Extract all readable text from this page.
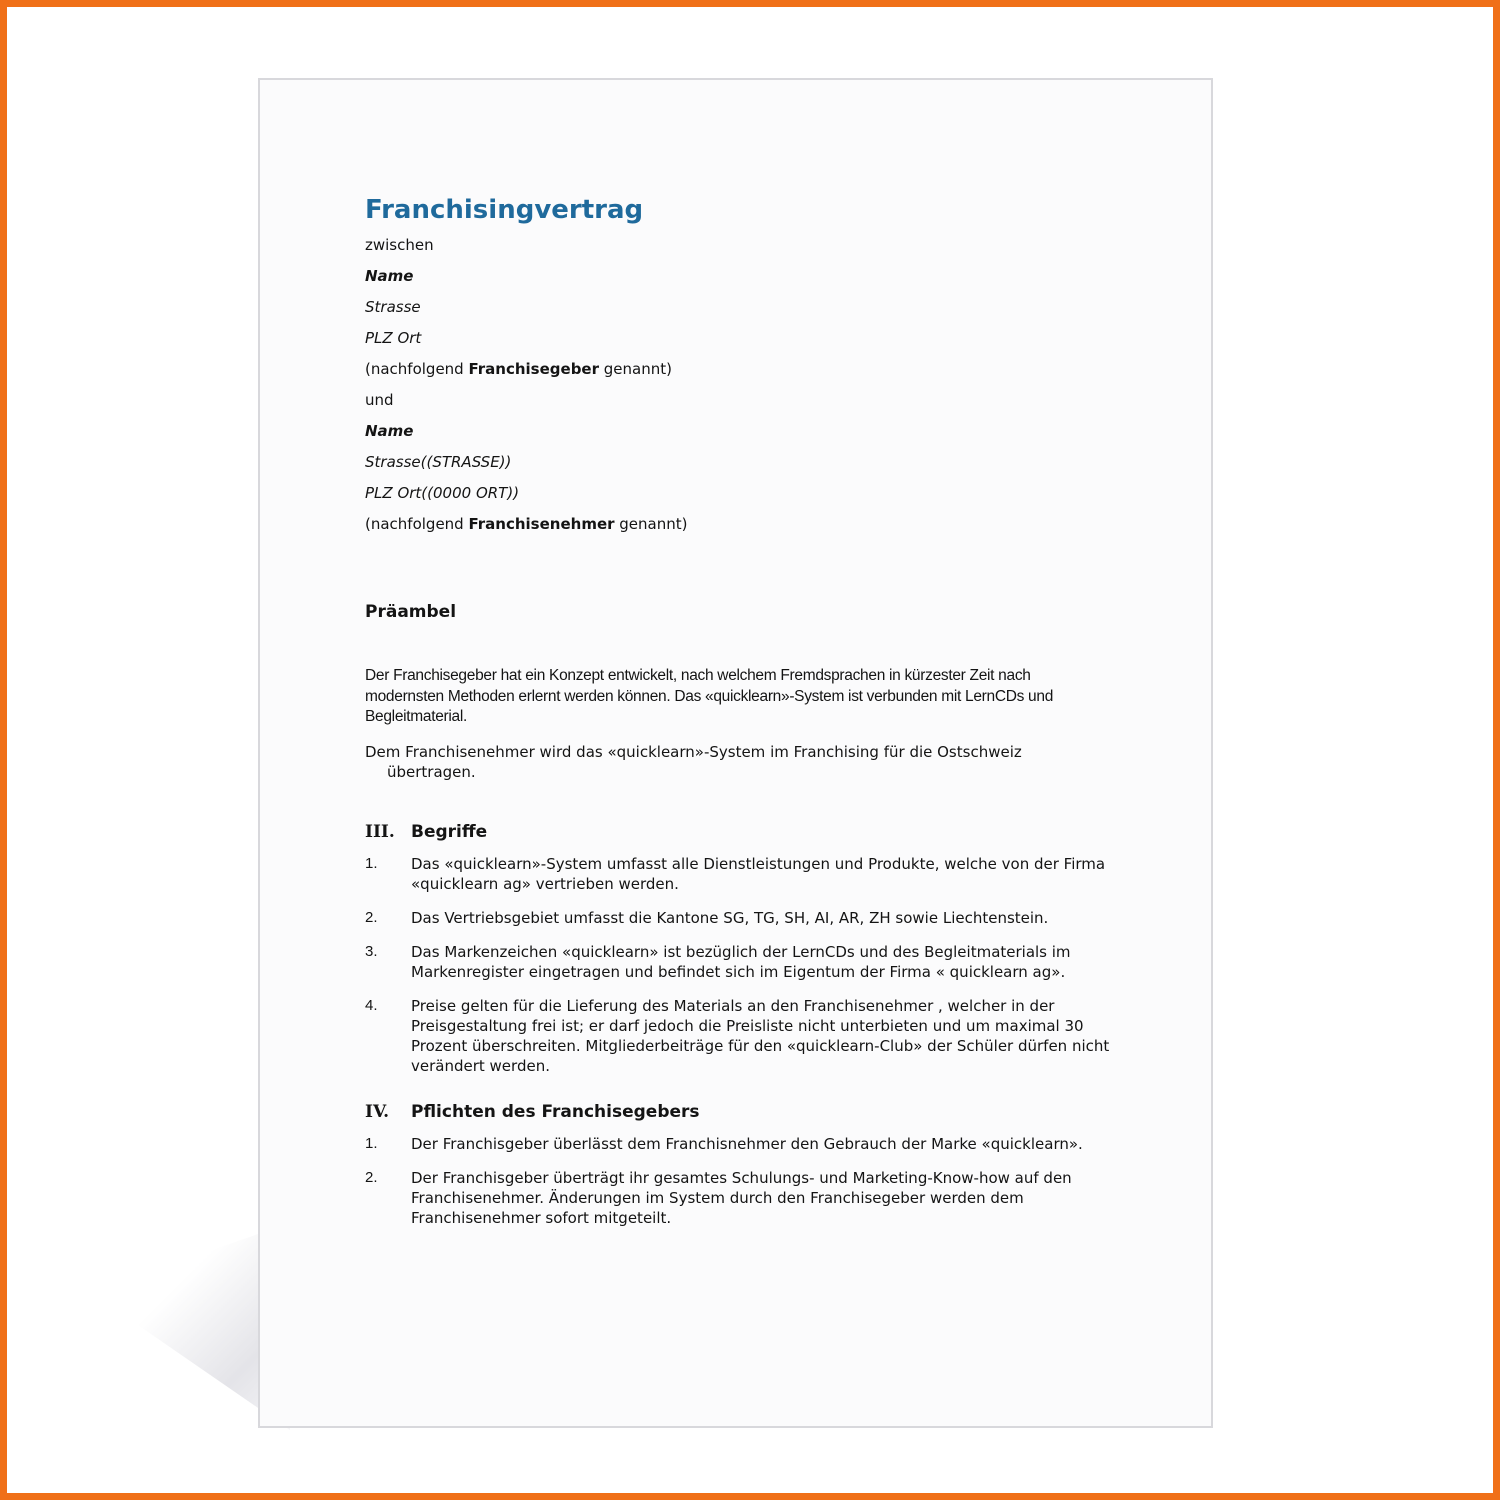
Franchisingvertrag
zwischen
Name
Strasse
PLZ Ort
(nachfolgend Franchisegeber genannt)
und
Name
Strasse((STRASSE))
PLZ Ort((0000 ORT))
(nachfolgend Franchisenehmer genannt)
Präambel

Der Franchisegeber hat ein Konzept entwickelt, nach welchem Fremdsprachen in kürzester Zeit nach modernsten Methoden erlernt werden können. Das «quicklearn»-System ist verbunden mit LernCDs und Begleitmaterial.

Dem Franchisenehmer wird das «quicklearn»-System im Franchising für die Ostschweiz übertragen.

III. Begriffe
1.	Das «quicklearn»-System umfasst alle Dienstleistungen und Produkte, welche von der Firma «quicklearn ag» vertrieben werden.
2.	Das Vertriebsgebiet umfasst die Kantone SG, TG, SH, AI, AR, ZH sowie Liechtenstein.
3.	Das Markenzeichen «quicklearn» ist bezüglich der LernCDs und des Begleitmaterials im Markenregister eingetragen und befindet sich im Eigentum der Firma « quicklearn ag».
4.	Preise gelten für die Lieferung des Materials an den Franchisenehmer , welcher in der Preisgestaltung frei ist; er darf jedoch die Preisliste nicht unterbieten und um maximal 30 Prozent überschreiten. Mitgliederbeiträge für den «quicklearn-Club» der Schüler dürfen nicht verändert werden.
IV.	Pflichten des Franchisegebers
1.	Der Franchisgeber überlässt dem Franchisnehmer den Gebrauch der Marke «quicklearn».
2.	Der Franchisgeber überträgt ihr gesamtes Schulungs- und Marketing-Know-how auf den Franchisenehmer. Änderungen im System durch den Franchisegeber werden dem Franchisenehmer sofort mitgeteilt.
